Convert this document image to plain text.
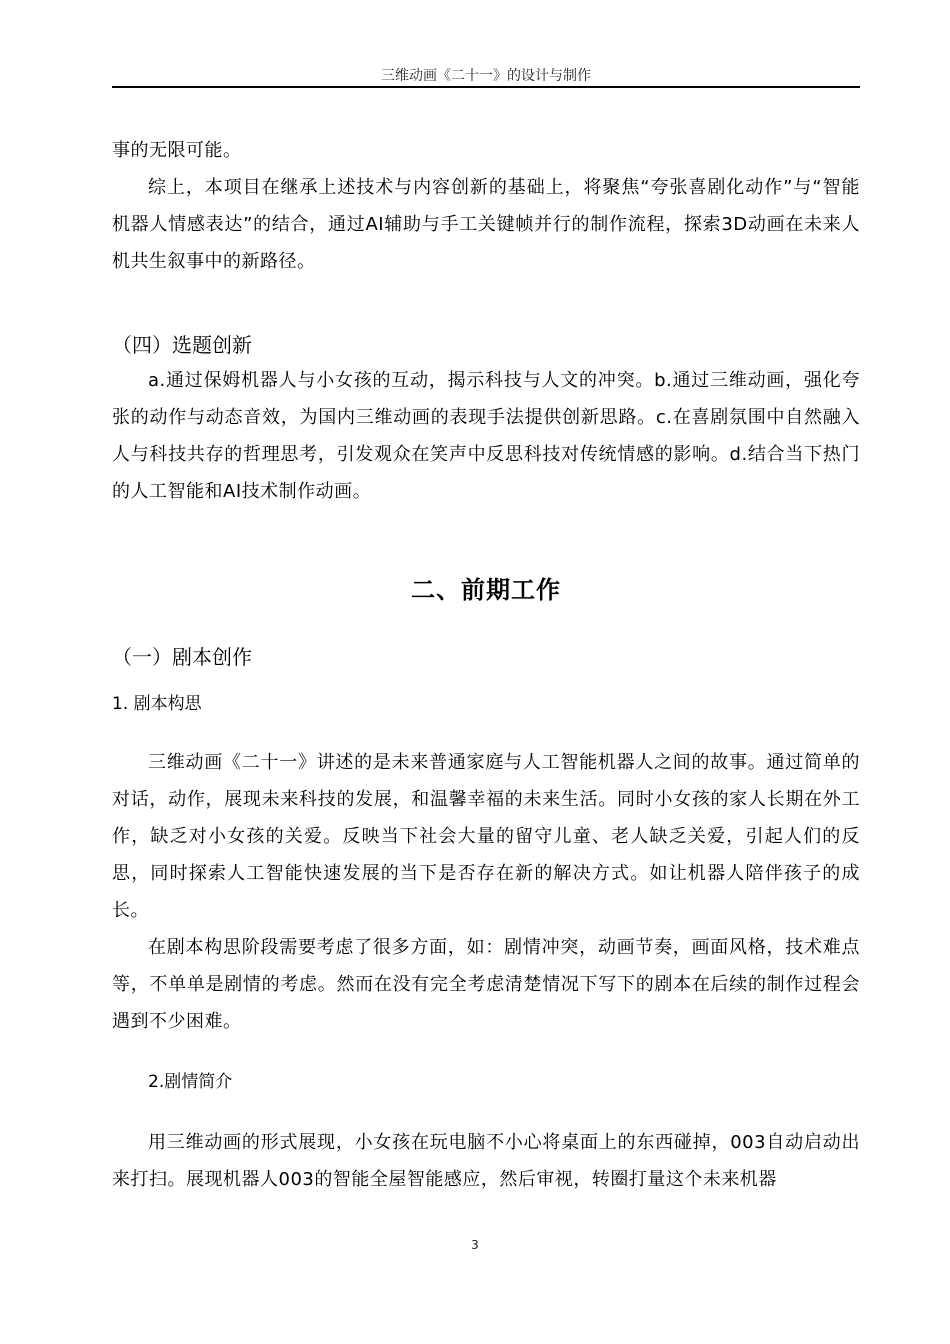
三维动画《二十一》的设计与制作

事的无限可能。

综上，本项目在继承上述技术与内容创新的基础上，将聚焦“夸张喜剧化动作”与“智能机器人情感表达”的结合，通过AI辅助与手工关键帧并行的制作流程，探索3D动画在未来人机共生叙事中的新路径。

（四）选题创新

a.通过保姆机器人与小女孩的互动，揭示科技与人文的冲突。b.通过三维动画，强化夸张的动作与动态音效，为国内三维动画的表现手法提供创新思路。c.在喜剧氛围中自然融入人与科技共存的哲理思考，引发观众在笑声中反思科技对传统情感的影响。d.结合当下热门的人工智能和AI技术制作动画。

二、前期工作
（一）剧本创作
1. 剧本构思

三维动画《二十一》讲述的是未来普通家庭与人工智能机器人之间的故事。通过简单的对话，动作，展现未来科技的发展，和温馨幸福的未来生活。同时小女孩的家人长期在外工作，缺乏对小女孩的关爱。反映当下社会大量的留守儿童、老人缺乏关爱，引起人们的反思，同时探索人工智能快速发展的当下是否存在新的解决方式。如让机器人陪伴孩子的成长。

在剧本构思阶段需要考虑了很多方面，如：剧情冲突，动画节奏，画面风格，技术难点等，不单单是剧情的考虑。然而在没有完全考虑清楚情况下写下的剧本在后续的制作过程会遇到不少困难。

2.剧情简介

用三维动画的形式展现，小女孩在玩电脑不小心将桌面上的东西碰掉，003自动启动出来打扫。展现机器人003的智能全屋智能感应，然后审视，转圈打量这个未来机器

3
